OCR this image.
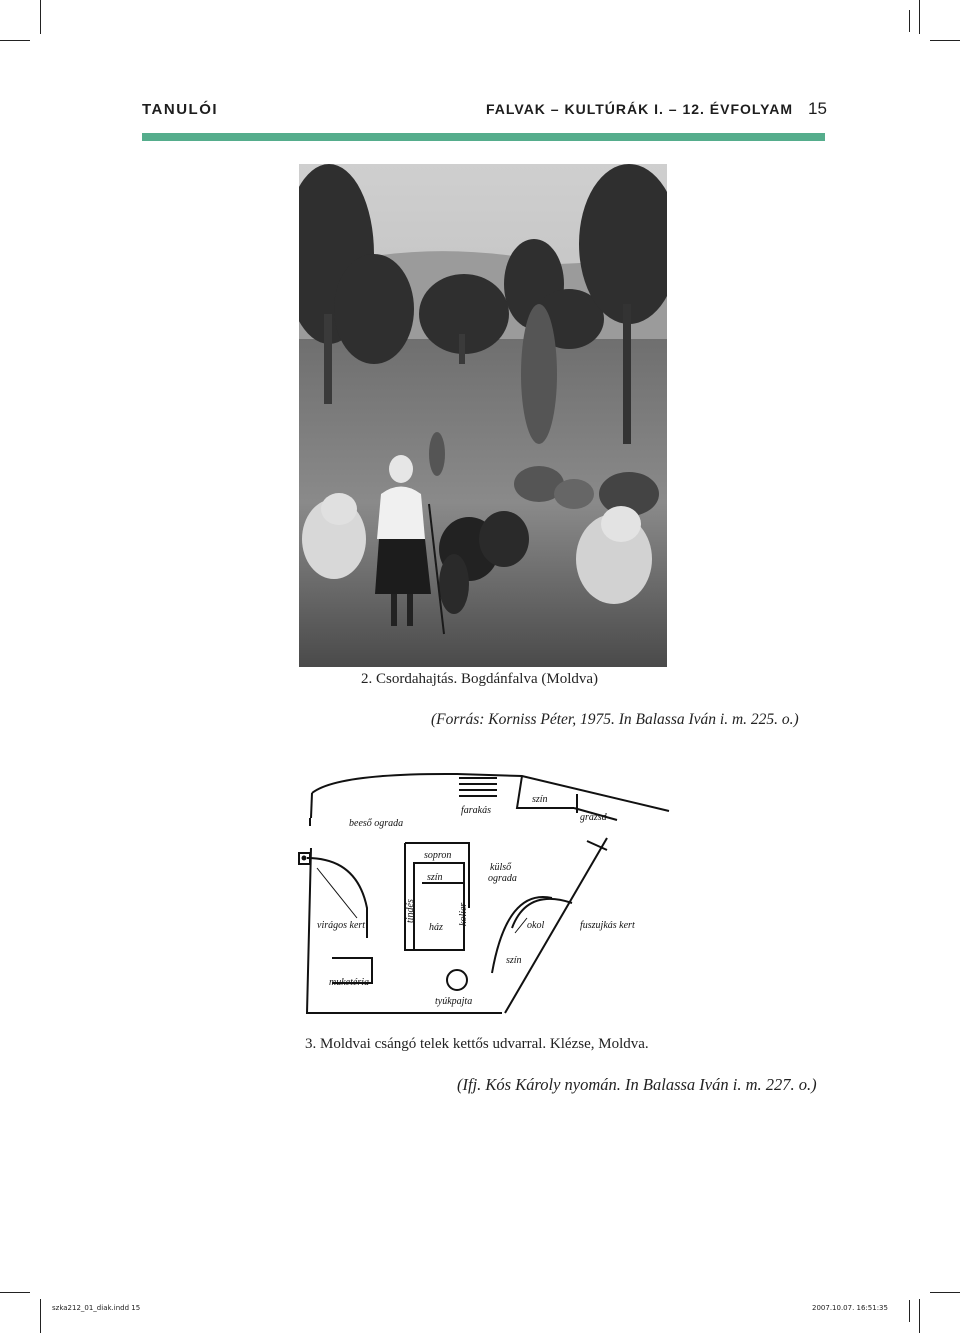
TANULÓI	FALVAK – KULTÚRÁK I. – 12. ÉVFOLYAM 15
2. Csordahajtás. Bogdánfalva (Moldva)
(Forrás: Korniss Péter, 1975. In Balassa Iván i. m. 225. o.)
beeső ograda
farakás
szín
grázsd
sopron
szín
külső
ograda
tindés	kolier
virágos kert	ház	okol	fuszujkás kert
szín
muketéria
tyúkpajta
3. Moldvai csángó telek kettős udvarral. Klézse, Moldva.
(Ifj. Kós Károly nyomán. In Balassa Iván i. m. 227. o.)
szka212_01_diak.indd 15	2007.10.07. 16:51:35
